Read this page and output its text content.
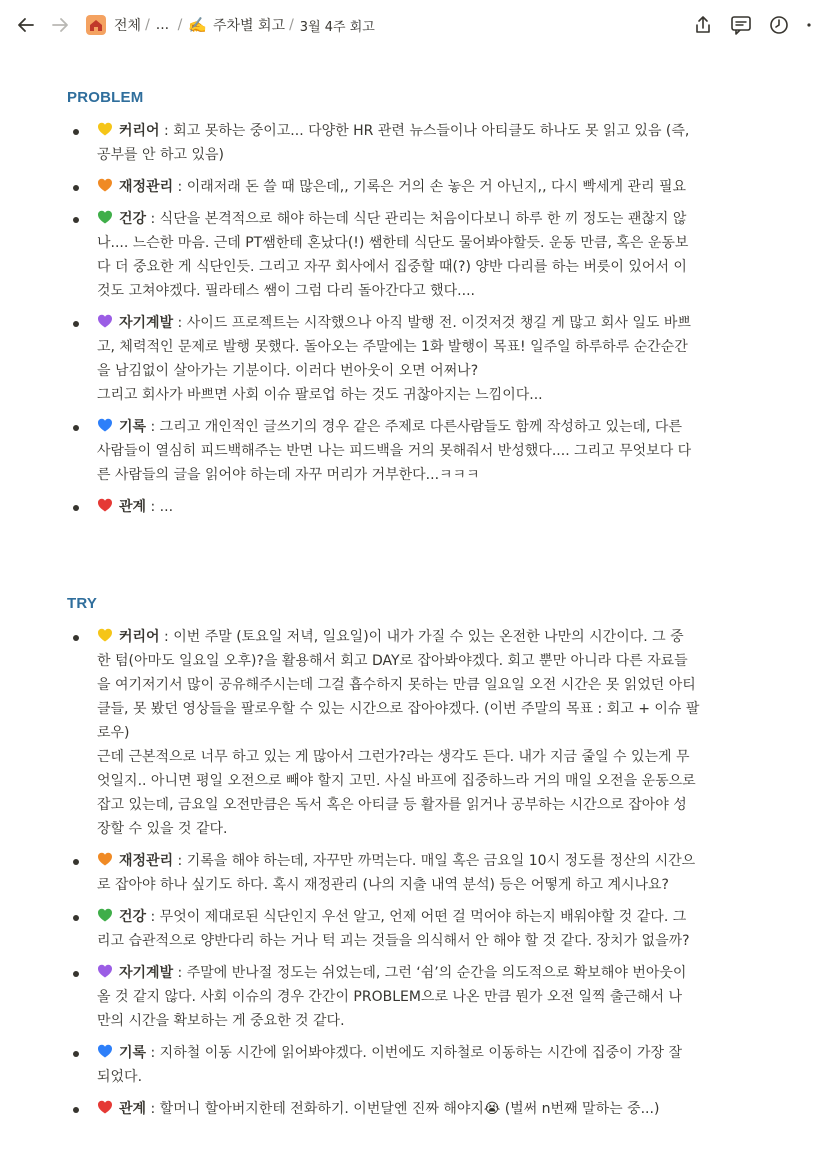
전체 / ... / ✍️ 주차별 회고 / 3월 4주 회고
PROBLEM
커리어 : 회고 못하는 중이고... 다양한 HR 관련 뉴스들이나 아티클도 하나도 못 읽고 있음 (즉,
공부를 안 하고 있음)
재정관리 : 이래저래 돈 쓸 때 많은데,, 기록은 거의 손 놓은 거 아닌지,, 다시 빡세게 관리 필요
건강 : 식단을 본격적으로 해야 하는데 식단 관리는 처음이다보니 하루 한 끼 정도는 괜찮지 않
나.... 느슨한 마음. 근데 PT쌤한테 혼났다(!) 쌤한테 식단도 물어봐야할듯. 운동 만큼, 혹은 운동보
다 더 중요한 게 식단인듯. 그리고 자꾸 회사에서 집중할 때(?) 양반 다리를 하는 버릇이 있어서 이
것도 고쳐야겠다. 필라테스 쌤이 그럼 다리 돌아간다고 했다....
자기계발 : 사이드 프로젝트는 시작했으나 아직 발행 전. 이것저것 챙길 게 많고 회사 일도 바쁘
고, 체력적인 문제로 발행 못했다. 돌아오는 주말에는 1화 발행이 목표! 일주일 하루하루 순간순간
을 남김없이 살아가는 기분이다. 이러다 번아웃이 오면 어쩌나?
그리고 회사가 바쁘면 사회 이슈 팔로업 하는 것도 귀찮아지는 느낌이다...
기록 : 그리고 개인적인 글쓰기의 경우 같은 주제로 다른사람들도 함께 작성하고 있는데, 다른
사람들이 열심히 피드백해주는 반면 나는 피드백을 거의 못해줘서 반성했다.... 그리고 무엇보다 다
른 사람들의 글을 읽어야 하는데 자꾸 머리가 거부한다...ㅋㅋㅋ
관계 : ...
TRY
커리어 : 이번 주말 (토요일 저녁, 일요일)이 내가 가질 수 있는 온전한 나만의 시간이다. 그 중
한 텀(아마도 일요일 오후)?을 활용해서 회고 DAY로 잡아봐야겠다. 회고 뿐만 아니라 다른 자료들
을 여기저기서 많이 공유해주시는데 그걸 흡수하지 못하는 만큼 일요일 오전 시간은 못 읽었던 아티
클들, 못 봤던 영상들을 팔로우할 수 있는 시간으로 잡아야겠다. (이번 주말의 목표 : 회고 + 이슈 팔
로우)
근데 근본적으로 너무 하고 있는 게 많아서 그런가?라는 생각도 든다. 내가 지금 줄일 수 있는게 무
엇일지.. 아니면 평일 오전으로 빼야 할지 고민. 사실 바프에 집중하느라 거의 매일 오전을 운동으로
잡고 있는데, 금요일 오전만큼은 독서 혹은 아티클 등 활자를 읽거나 공부하는 시간으로 잡아야 성
장할 수 있을 것 같다.
재정관리 : 기록을 해야 하는데, 자꾸만 까먹는다. 매일 혹은 금요일 10시 정도를 정산의 시간으
로 잡아야 하나 싶기도 하다. 혹시 재정관리 (나의 지출 내역 분석) 등은 어떻게 하고 계시나요?
건강 : 무엇이 제대로된 식단인지 우선 알고, 언제 어떤 걸 먹어야 하는지 배워야할 것 같다. 그
리고 습관적으로 양반다리 하는 거나 턱 괴는 것들을 의식해서 안 해야 할 것 같다. 장치가 없을까?
자기계발 : 주말에 반나절 정도는 쉬었는데, 그런 ‘쉼’의 순간을 의도적으로 확보해야 번아웃이
올 것 같지 않다. 사회 이슈의 경우 간간이 PROBLEM으로 나온 만큼 뭔가 오전 일찍 출근해서 나
만의 시간을 확보하는 게 중요한 것 같다.
기록 : 지하철 이동 시간에 읽어봐야겠다. 이번에도 지하철로 이동하는 시간에 집중이 가장 잘
되었다.
관계 : 할머니 할아버지한테 전화하기. 이번달엔 진짜 해야지😭 (벌써 n번째 말하는 중...)
